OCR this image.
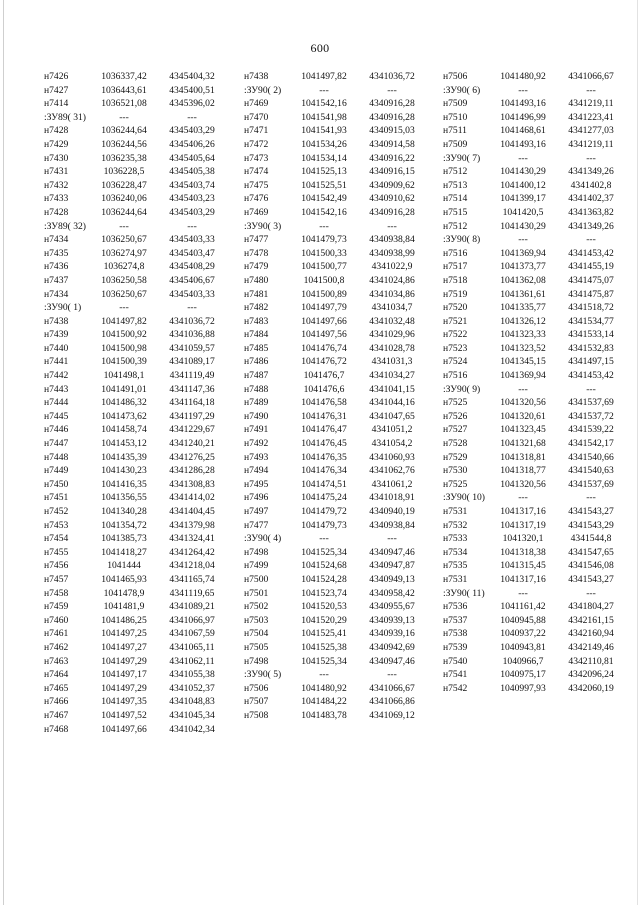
600
н7426	1036337,42	4345404,32
н7427	1036443,61	4345400,51
н7414	1036521,08	4345396,02
:ЗУ89( 31)	---	---
н7428	1036244,64	4345403,29
н7429	1036244,56	4345406,26
н7430	1036235,38	4345405,64
н7431	1036228,5	4345405,38
н7432	1036228,47	4345403,74
н7433	1036240,06	4345403,23
н7428	1036244,64	4345403,29
:ЗУ89( 32)	---	---
н7434	1036250,67	4345403,33
н7435	1036274,97	4345403,47
н7436	1036274,8	4345408,29
н7437	1036250,58	4345406,67
н7434	1036250,67	4345403,33
:ЗУ90( 1)	---	---
н7438	1041497,82	4341036,72
н7439	1041500,92	4341036,88
н7440	1041500,98	4341059,57
н7441	1041500,39	4341089,17
н7442	1041498,1	4341119,49
н7443	1041491,01	4341147,36
н7444	1041486,32	4341164,18
н7445	1041473,62	4341197,29
н7446	1041458,74	4341229,67
н7447	1041453,12	4341240,21
н7448	1041435,39	4341276,25
н7449	1041430,23	4341286,28
н7450	1041416,35	4341308,83
н7451	1041356,55	4341414,02
н7452	1041340,28	4341404,45
н7453	1041354,72	4341379,98
н7454	1041385,73	4341324,41
н7455	1041418,27	4341264,42
н7456	1041444	4341218,04
н7457	1041465,93	4341165,74
н7458	1041478,9	4341119,65
н7459	1041481,9	4341089,21
н7460	1041486,25	4341066,97
н7461	1041497,25	4341067,59
н7462	1041497,27	4341065,11
н7463	1041497,29	4341062,11
н7464	1041497,17	4341055,38
н7465	1041497,29	4341052,37
н7466	1041497,35	4341048,83
н7467	1041497,52	4341045,34
н7468	1041497,66	4341042,34
н7438	1041497,82	4341036,72
:ЗУ90( 2)	---	---
н7469	1041542,16	4340916,28
н7470	1041541,98	4340916,28
н7471	1041541,93	4340915,03
н7472	1041534,26	4340914,58
н7473	1041534,14	4340916,22
н7474	1041525,13	4340916,15
н7475	1041525,51	4340909,62
н7476	1041542,49	4340910,62
н7469	1041542,16	4340916,28
:ЗУ90( 3)	---	---
н7477	1041479,73	4340938,84
н7478	1041500,33	4340938,99
н7479	1041500,77	4341022,9
н7480	1041500,8	4341024,86
н7481	1041500,89	4341034,86
н7482	1041497,79	4341034,7
н7483	1041497,66	4341032,48
н7484	1041497,56	4341029,96
н7485	1041476,74	4341028,78
н7486	1041476,72	4341031,3
н7487	1041476,7	4341034,27
н7488	1041476,6	4341041,15
н7489	1041476,58	4341044,16
н7490	1041476,31	4341047,65
н7491	1041476,47	4341051,2
н7492	1041476,45	4341054,2
н7493	1041476,35	4341060,93
н7494	1041476,34	4341062,76
н7495	1041474,51	4341061,2
н7496	1041475,24	4341018,91
н7497	1041479,72	4340940,19
н7477	1041479,73	4340938,84
:ЗУ90( 4)	---	---
н7498	1041525,34	4340947,46
н7499	1041524,68	4340947,87
н7500	1041524,28	4340949,13
н7501	1041523,74	4340958,42
н7502	1041520,53	4340955,67
н7503	1041520,29	4340939,13
н7504	1041525,41	4340939,16
н7505	1041525,38	4340942,69
н7498	1041525,34	4340947,46
:ЗУ90( 5)	---	---
н7506	1041480,92	4341066,67
н7507	1041484,22	4341066,86
н7508	1041483,78	4341069,12
н7506	1041480,92	4341066,67
:ЗУ90( 6)	---	---
н7509	1041493,16	4341219,11
н7510	1041496,99	4341223,41
н7511	1041468,61	4341277,03
н7509	1041493,16	4341219,11
:ЗУ90( 7)	---	---
н7512	1041430,29	4341349,26
н7513	1041400,12	4341402,8
н7514	1041399,17	4341402,37
н7515	1041420,5	4341363,82
н7512	1041430,29	4341349,26
:ЗУ90( 8)	---	---
н7516	1041369,94	4341453,42
н7517	1041373,77	4341455,19
н7518	1041362,08	4341475,07
н7519	1041361,61	4341475,87
н7520	1041335,77	4341518,72
н7521	1041326,12	4341534,77
н7522	1041323,33	4341533,14
н7523	1041323,52	4341532,83
н7524	1041345,15	4341497,15
н7516	1041369,94	4341453,42
:ЗУ90( 9)	---	---
н7525	1041320,56	4341537,69
н7526	1041320,61	4341537,72
н7527	1041323,45	4341539,22
н7528	1041321,68	4341542,17
н7529	1041318,81	4341540,66
н7530	1041318,77	4341540,63
н7525	1041320,56	4341537,69
:ЗУ90( 10)	---	---
н7531	1041317,16	4341543,27
н7532	1041317,19	4341543,29
н7533	1041320,1	4341544,8
н7534	1041318,38	4341547,65
н7535	1041315,45	4341546,08
н7531	1041317,16	4341543,27
:ЗУ90( 11)	---	---
н7536	1041161,42	4341804,27
н7537	1040945,88	4342161,15
н7538	1040937,22	4342160,94
н7539	1040943,81	4342149,46
н7540	1040966,7	4342110,81
н7541	1040975,17	4342096,24
н7542	1040997,93	4342060,19
